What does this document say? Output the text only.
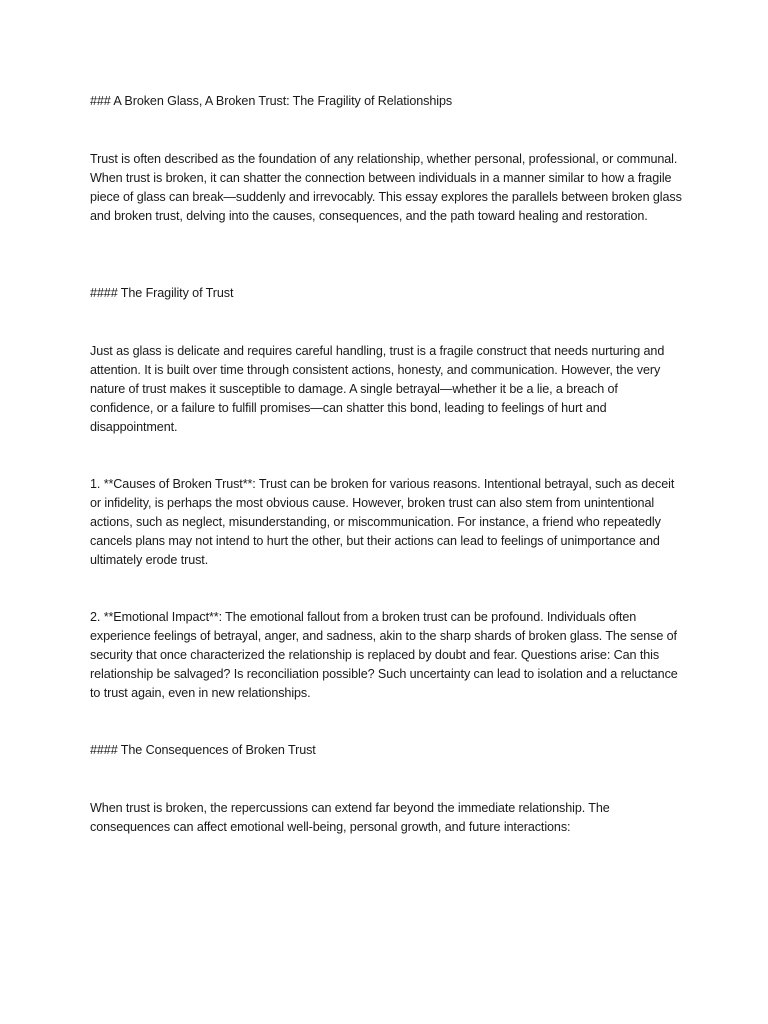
### A Broken Glass, A Broken Trust: The Fragility of Relationships

Trust is often described as the foundation of any relationship, whether personal, professional, or communal. When trust is broken, it can shatter the connection between individuals in a manner similar to how a fragile piece of glass can break—suddenly and irrevocably. This essay explores the parallels between broken glass and broken trust, delving into the causes, consequences, and the path toward healing and restoration.

#### The Fragility of Trust

Just as glass is delicate and requires careful handling, trust is a fragile construct that needs nurturing and attention. It is built over time through consistent actions, honesty, and communication. However, the very nature of trust makes it susceptible to damage. A single betrayal—whether it be a lie, a breach of confidence, or a failure to fulfill promises—can shatter this bond, leading to feelings of hurt and disappointment.

1. **Causes of Broken Trust**: Trust can be broken for various reasons. Intentional betrayal, such as deceit or infidelity, is perhaps the most obvious cause. However, broken trust can also stem from unintentional actions, such as neglect, misunderstanding, or miscommunication. For instance, a friend who repeatedly cancels plans may not intend to hurt the other, but their actions can lead to feelings of unimportance and ultimately erode trust.

2. **Emotional Impact**: The emotional fallout from a broken trust can be profound. Individuals often experience feelings of betrayal, anger, and sadness, akin to the sharp shards of broken glass. The sense of security that once characterized the relationship is replaced by doubt and fear. Questions arise: Can this relationship be salvaged? Is reconciliation possible? Such uncertainty can lead to isolation and a reluctance to trust again, even in new relationships.

#### The Consequences of Broken Trust

When trust is broken, the repercussions can extend far beyond the immediate relationship. The consequences can affect emotional well-being, personal growth, and future interactions:
